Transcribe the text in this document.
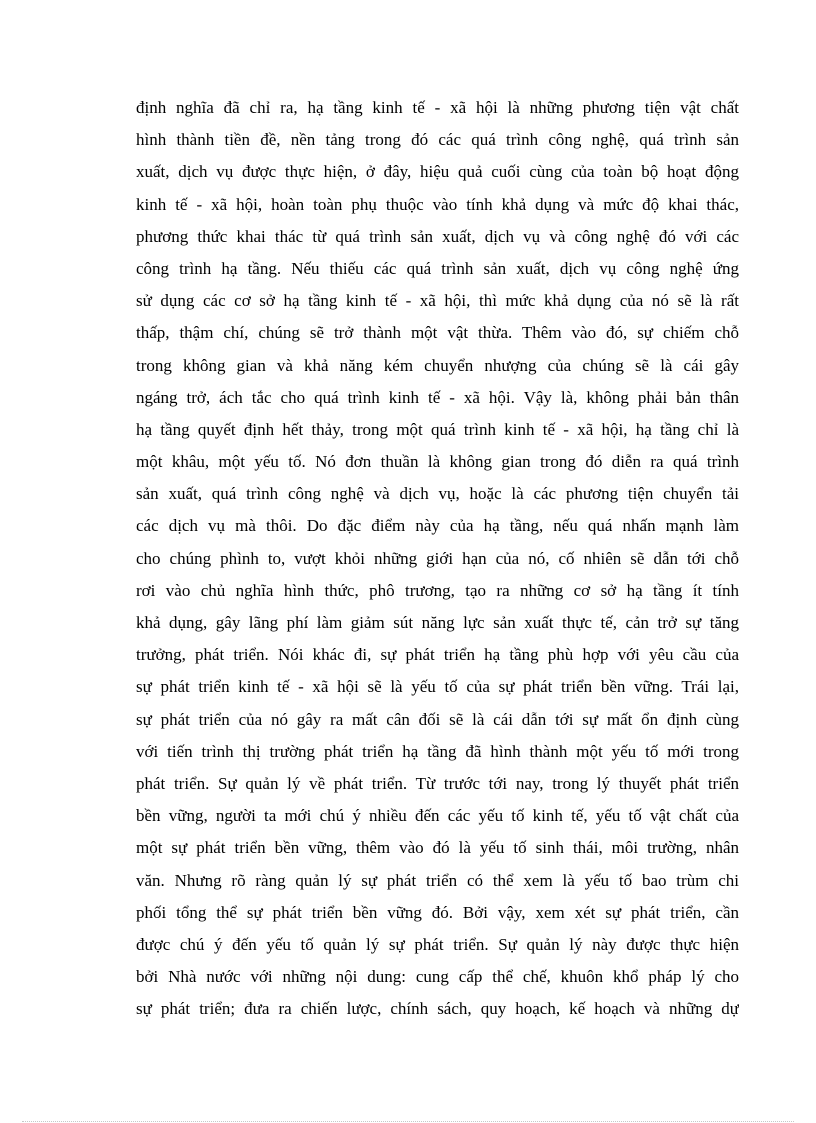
định nghĩa đã chỉ ra, hạ tầng kinh tế - xã hội là những phương tiện vật chất
hình thành tiền đề, nền tảng trong đó các quá trình công nghệ, quá trình sản
xuất, dịch vụ được thực hiện, ở đây, hiệu quả cuối cùng của toàn bộ hoạt động
kinh tế - xã hội, hoàn toàn phụ thuộc vào tính khả dụng và mức độ khai thác,
phương thức khai thác từ quá trình sản xuất, dịch vụ và công nghệ đó với các
công trình hạ tầng. Nếu thiếu các quá trình sản xuất, dịch vụ công nghệ ứng
sử dụng các cơ sở hạ tầng kinh tế - xã hội, thì mức khả dụng của nó sẽ là rất
thấp, thậm chí, chúng sẽ trở thành một vật thừa. Thêm vào đó, sự chiếm chỗ
trong không gian và khả năng kém chuyển nhượng của chúng sẽ là cái gây
ngáng trở, ách tắc cho quá trình kinh tế - xã hội. Vậy là, không phải bản thân
hạ tầng quyết định hết thảy, trong một quá trình kinh tế - xã hội, hạ tầng chỉ là
một khâu, một yếu tố. Nó đơn thuần là không gian trong đó diễn ra quá trình
sản xuất, quá trình công nghệ và dịch vụ, hoặc là các phương tiện chuyển tải
các dịch vụ mà thôi. Do đặc điểm này của hạ tầng, nếu quá nhấn mạnh làm
cho chúng phình to, vượt khỏi những giới hạn của nó, cố nhiên sẽ dẫn tới chỗ
rơi vào chủ nghĩa hình thức, phô trương, tạo ra những cơ sở hạ tầng ít tính
khả dụng, gây lãng phí làm giảm sút năng lực sản xuất thực tế, cản trở sự tăng
trưởng, phát triển. Nói khác đi, sự phát triển hạ tầng phù hợp với yêu cầu của
sự phát triển kinh tế - xã hội sẽ là yếu tố của sự phát triển bền vững. Trái lại,
sự phát triển của nó gây ra mất cân đối sẽ là cái dẫn tới sự mất ổn định cùng
với tiến trình thị trường phát triển hạ tầng đã hình thành một yếu tố mới trong
phát triển. Sự quản lý về phát triển. Từ trước tới nay, trong lý thuyết phát triển
bền vững, người ta mới chú ý nhiều đến các yếu tố kinh tế, yếu tố vật chất của
một sự phát triển bền vững, thêm vào đó là yếu tố sinh thái, môi trường, nhân
văn. Nhưng rõ ràng quản lý sự phát triển có thể xem là yếu tố bao trùm chi
phối tổng thể sự phát triển bền vững đó. Bởi vậy, xem xét sự phát triển, cần
được chú ý đến yếu tố quản lý sự phát triển. Sự quản lý này được thực hiện
bởi Nhà nước với những nội dung: cung cấp thể chế, khuôn khổ pháp lý cho
sự phát triển; đưa ra chiến lược, chính sách, quy hoạch, kế hoạch và những dự
